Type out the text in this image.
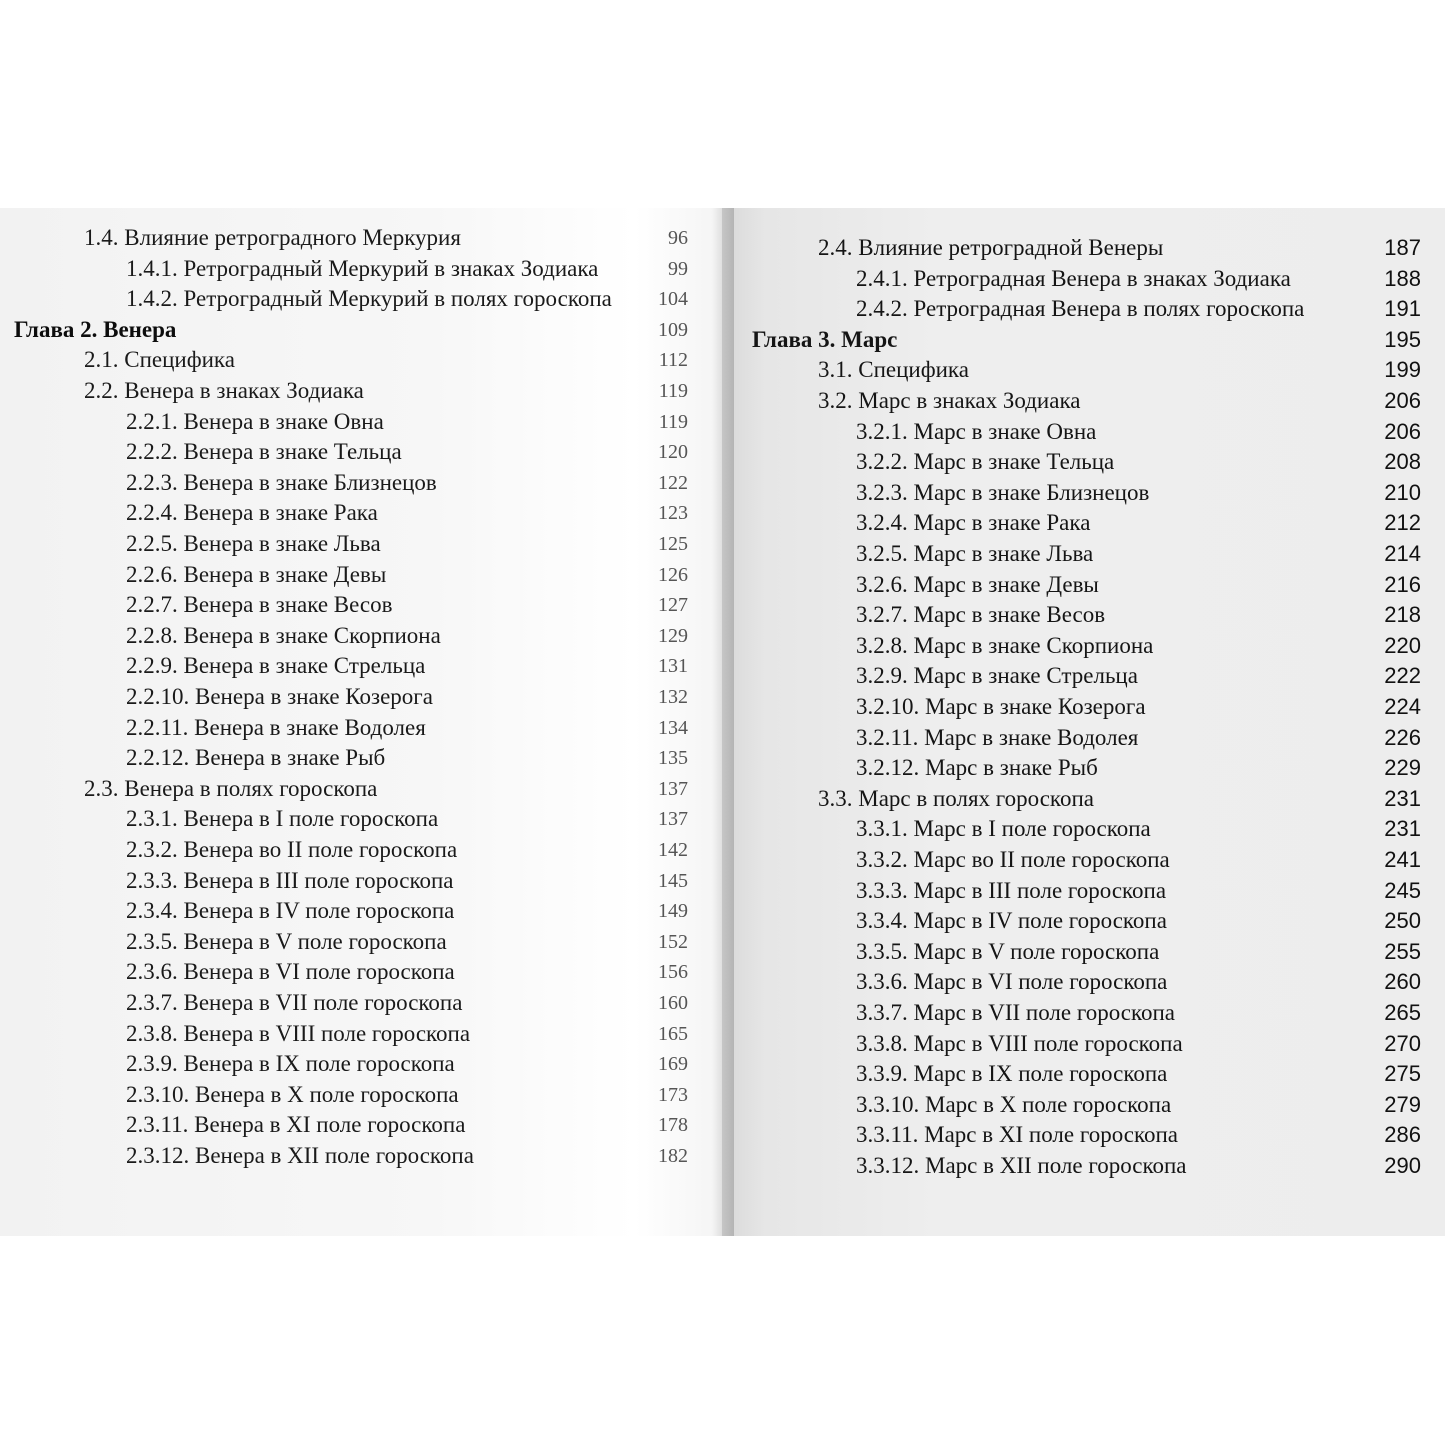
1.4. Влияние ретроградного Меркурия	96
1.4.1. Ретроградный Меркурий в знаках Зодиака	99
1.4.2. Ретроградный Меркурий в полях гороскопа 104
Глава 2. Венера	109
2.1. Специфика	112
2.2. Венера в знаках Зодиака	119
2.2.1. Венера в знаке Овна	119
2.2.2. Венера в знаке Тельца	120
2.2.3. Венера в знаке Близнецов	122
2.2.4. Венера в знаке Рака	123
2.2.5. Венера в знаке Льва	125
2.2.6. Венера в знаке Девы	126
2.2.7. Венера в знаке Весов	127
2.2.8. Венера в знаке Скорпиона	129
2.2.9. Венера в знаке Стрельца	131
2.2.10. Венера в знаке Козерога	132
2.2.11. Венера в знаке Водолея	134
2.2.12. Венера в знаке Рыб	135
2.3. Венера в полях гороскопа	137
2.3.1. Венера в I поле гороскопа	137
2.3.2. Венера во II поле гороскопа	142
2.3.3. Венера в III поле гороскопа	145
2.3.4. Венера в IV поле гороскопа	149
2.3.5. Венера в V поле гороскопа	152
2.3.6. Венера в VI поле гороскопа	156
2.3.7. Венера в VII поле гороскопа	160
2.3.8. Венера в VIII поле гороскопа	165
2.3.9. Венера в IX поле гороскопа	169
2.3.10. Венера в X поле гороскопа	173
2.3.11. Венера в XI поле гороскопа	178
2.3.12. Венера в XII поле гороскопа	182
2.4. Влияние ретроградной Венеры	187
2.4.1. Ретроградная Венера в знаках Зодиака	188
2.4.2. Ретроградная Венера в полях гороскопа	191
Глава 3. Марс	195
3.1. Специфика	199
3.2. Марс в знаках Зодиака	206
3.2.1. Марс в знаке Овна	206
3.2.2. Марс в знаке Тельца	208
3.2.3. Марс в знаке Близнецов	210
3.2.4. Марс в знаке Рака	212
3.2.5. Марс в знаке Льва	214
3.2.6. Марс в знаке Девы	216
3.2.7. Марс в знаке Весов	218
3.2.8. Марс в знаке Скорпиона	220
3.2.9. Марс в знаке Стрельца	222
3.2.10. Марс в знаке Козерога	224
3.2.11. Марс в знаке Водолея	226
3.2.12. Марс в знаке Рыб	229
3.3. Марс в полях гороскопа	231
3.3.1. Марс в I поле гороскопа	231
3.3.2. Марс во II поле гороскопа	241
3.3.3. Марс в III поле гороскопа	245
3.3.4. Марс в IV поле гороскопа	250
3.3.5. Марс в V поле гороскопа	255
3.3.6. Марс в VI поле гороскопа	260
3.3.7. Марс в VII поле гороскопа	265
3.3.8. Марс в VIII поле гороскопа	270
3.3.9. Марс в IX поле гороскопа	275
3.3.10. Марс в X поле гороскопа	279
3.3.11. Марс в XI поле гороскопа	286
3.3.12. Марс в XII поле гороскопа	290
